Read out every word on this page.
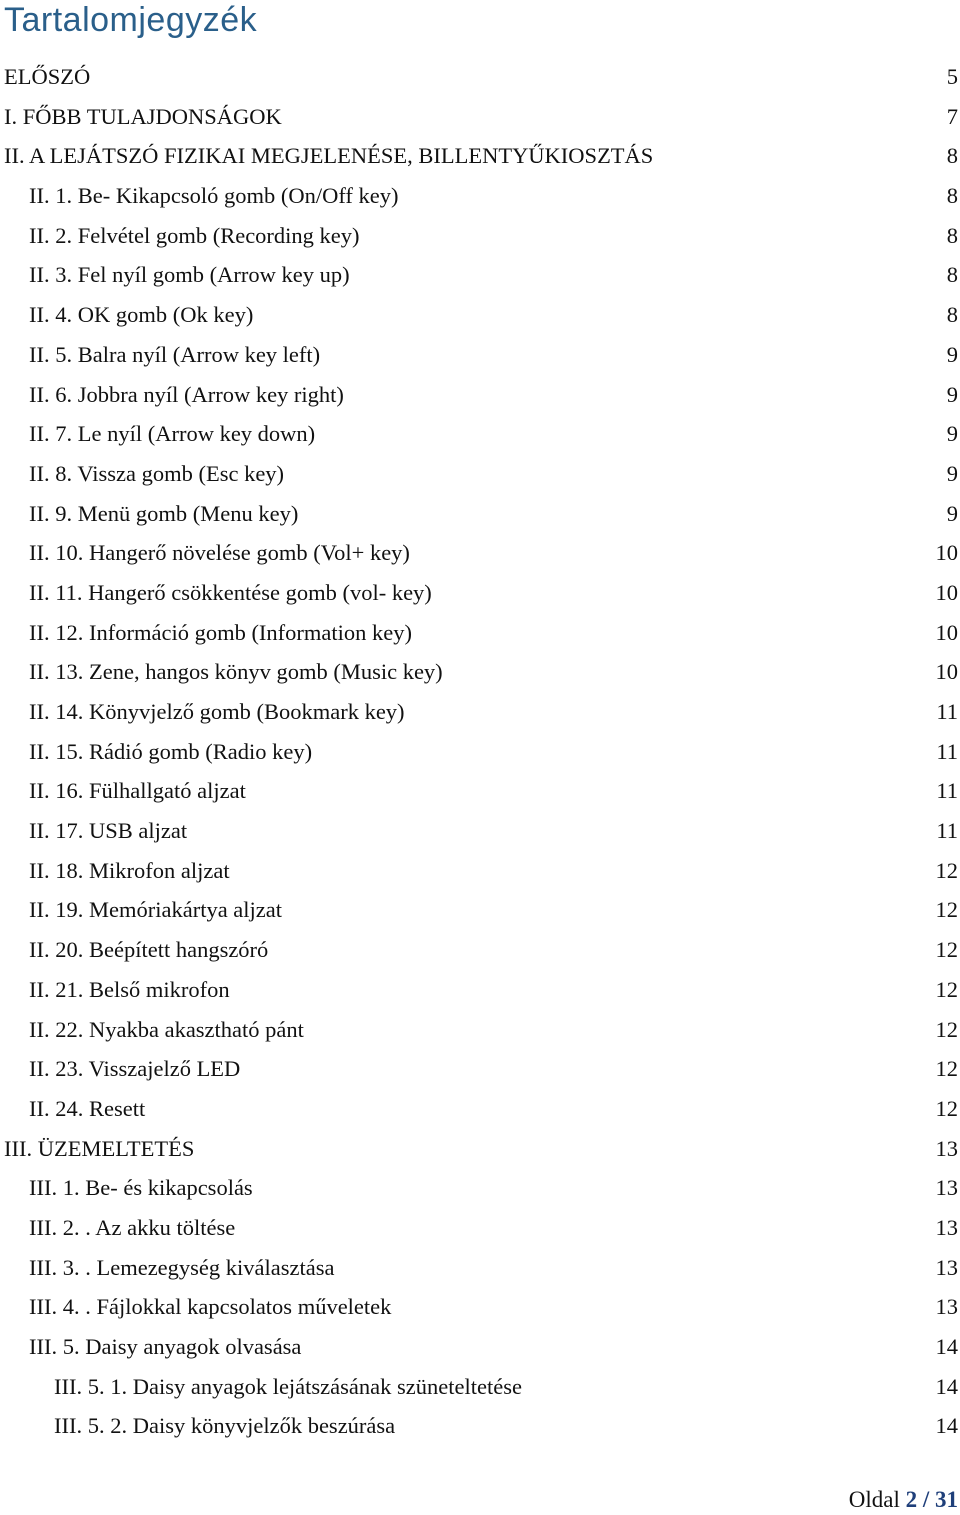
Tartalomjegyzék
ELŐSZÓ	5
I. FŐBB TULAJDONSÁGOK	7
II. A LEJÁTSZÓ FIZIKAI MEGJELENÉSE, BILLENTYŰKIOSZTÁS	8
II. 1. Be- Kikapcsoló gomb (On/Off key)	8
II. 2. Felvétel gomb (Recording key)	8
II. 3. Fel nyíl gomb (Arrow key up)	8
II. 4. OK gomb (Ok key)	8
II. 5. Balra nyíl (Arrow key left)	9
II. 6. Jobbra nyíl (Arrow key right)	9
II. 7. Le nyíl (Arrow key down)	9
II. 8. Vissza gomb (Esc key)	9
II. 9. Menü gomb (Menu key)	9
II. 10. Hangerő növelése gomb (Vol+ key)	10
II. 11. Hangerő csökkentése gomb (vol- key)	10
II. 12. Információ gomb (Information key)	10
II. 13. Zene, hangos könyv gomb (Music key)	10
II. 14. Könyvjelző gomb (Bookmark key)	11
II. 15. Rádió gomb (Radio key)	11
II. 16. Fülhallgató aljzat	11
II. 17. USB aljzat	11
II. 18. Mikrofon aljzat	12
II. 19. Memóriakártya aljzat	12
II. 20. Beépített hangszóró	12
II. 21. Belső mikrofon	12
II. 22. Nyakba akasztható pánt	12
II. 23. Visszajelző LED	12
II. 24. Resett	12
III. ÜZEMELTETÉS	13
III. 1. Be- és kikapcsolás	13
III. 2. . Az akku töltése	13
III. 3. . Lemezegység kiválasztása	13
III. 4. . Fájlokkal kapcsolatos műveletek	13
III. 5. Daisy anyagok olvasása	14
III. 5. 1. Daisy anyagok lejátszásának szüneteltetése	14
III. 5. 2. Daisy könyvjelzők beszúrása	14
Oldal 2 / 31
